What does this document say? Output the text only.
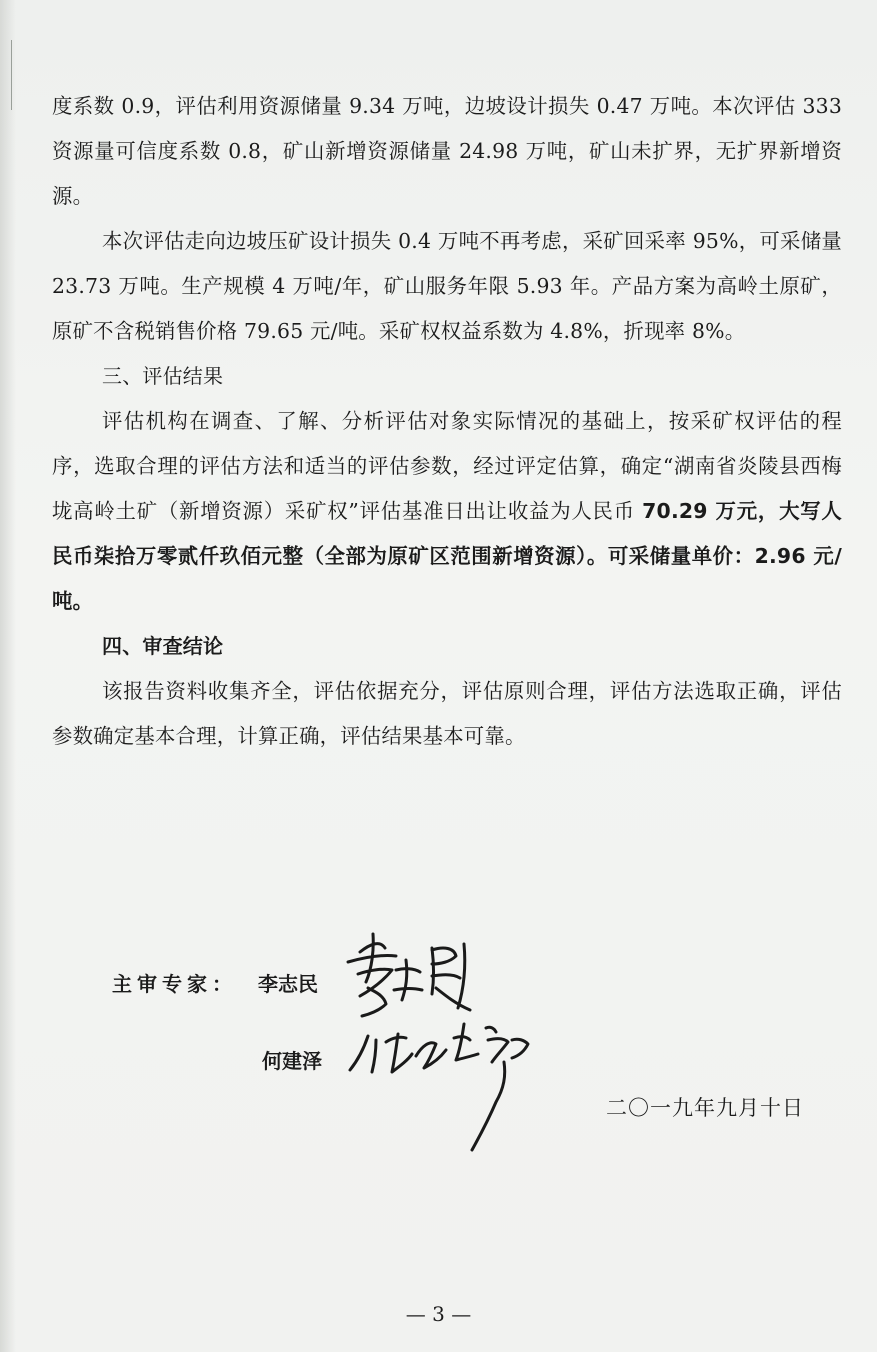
度系数 0.9，评估利用资源储量 9.34 万吨，边坡设计损失 0.47 万吨。本次评估 333 资源量可信度系数 0.8，矿山新增资源储量 24.98 万吨，矿山未扩界，无扩界新增资源。

本次评估走向边坡压矿设计损失 0.4 万吨不再考虑，采矿回采率 95%，可采储量 23.73 万吨。生产规模 4 万吨/年，矿山服务年限 5.93 年。产品方案为高岭土原矿，原矿不含税销售价格 79.65 元/吨。采矿权权益系数为 4.8%，折现率 8%。

三、评估结果

评估机构在调查、了解、分析评估对象实际情况的基础上，按采矿权评估的程序，选取合理的评估方法和适当的评估参数，经过评定估算，确定“湖南省炎陵县西梅垅高岭土矿（新增资源）采矿权”评估基准日出让收益为人民币 70.29 万元，大写人民币柒拾万零贰仟玖佰元整（全部为原矿区范围新增资源）。可采储量单价：2.96 元/吨。

四、审查结论

该报告资料收集齐全，评估依据充分，评估原则合理，评估方法选取正确，评估参数确定基本合理，计算正确，评估结果基本可靠。

主审专家： 李志民
何建泽
二〇一九年九月十日
— 3 —
